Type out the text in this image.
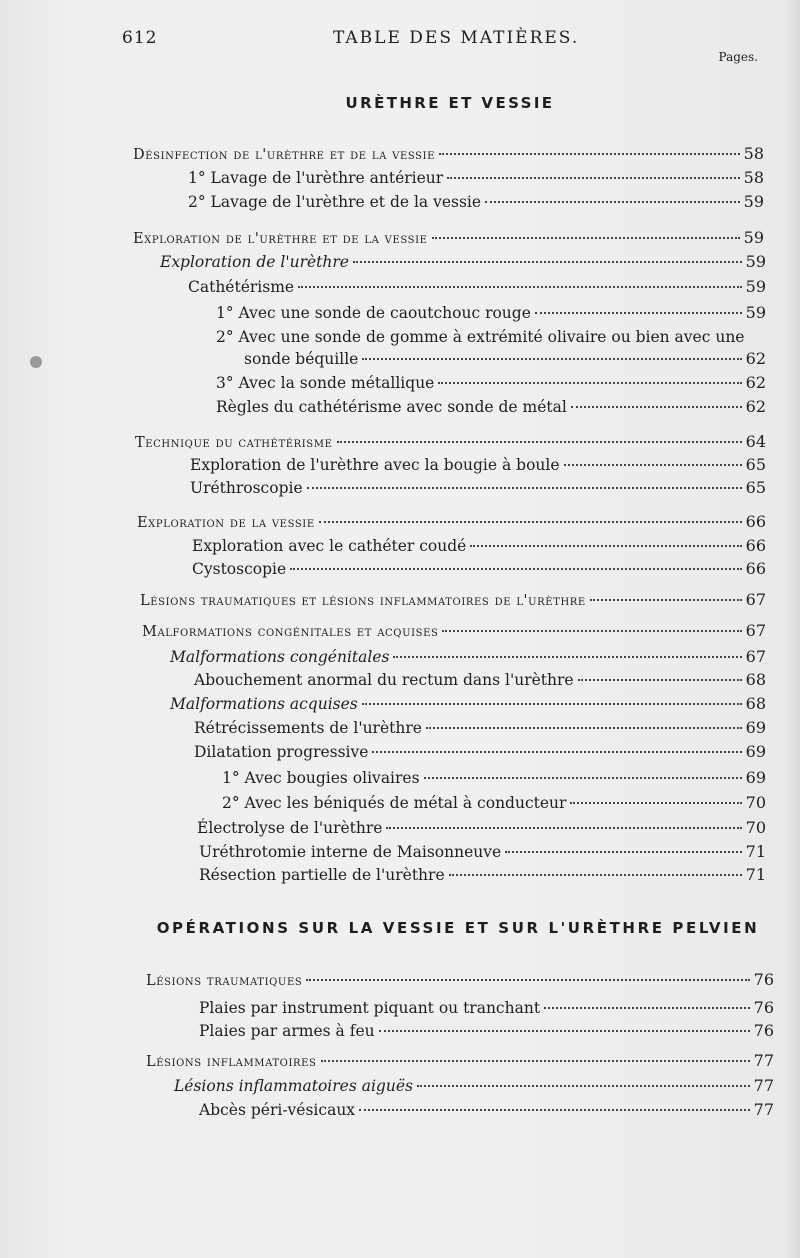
612	TABLE DES MATIÈRES.
Pages.
URÈTHRE ET VESSIE
OPÉRATIONS SUR LA VESSIE ET SUR L'URÈTHRE PELVIEN
Désinfection de l'urèthre et de la vessie	58
1° Lavage de l'urèthre antérieur	58
2° Lavage de l'urèthre et de la vessie	59
Exploration de l'urèthre et de la vessie	59
Exploration de l'urèthre	59
Cathétérisme	59
1° Avec une sonde de caoutchouc rouge	59
2° Avec une sonde de gomme à extrémité olivaire ou bien avec une
sonde béquille	62
3° Avec la sonde métallique	62
Règles du cathétérisme avec sonde de métal	62
Technique du cathétérisme	64
Exploration de l'urèthre avec la bougie à boule	65
Uréthroscopie	65
Exploration de la vessie	66
Exploration avec le cathéter coudé	66
Cystoscopie	66
Lésions traumatiques et lésions inflammatoires de l'urèthre	67
Malformations congénitales et acquises	67
Malformations congénitales	67
Abouchement anormal du rectum dans l'urèthre	68
Malformations acquises	68
Rétrécissements de l'urèthre	69
Dilatation progressive	69
1° Avec bougies olivaires	69
2° Avec les béniqués de métal à conducteur	70
Électrolyse de l'urèthre	70
Uréthrotomie interne de Maisonneuve	71
Résection partielle de l'urèthre	71
Lésions traumatiques	76
Plaies par instrument piquant ou tranchant	76
Plaies par armes à feu	76
Lésions inflammatoires	77
Lésions inflammatoires aiguës	77
Abcès péri-vésicaux	77
